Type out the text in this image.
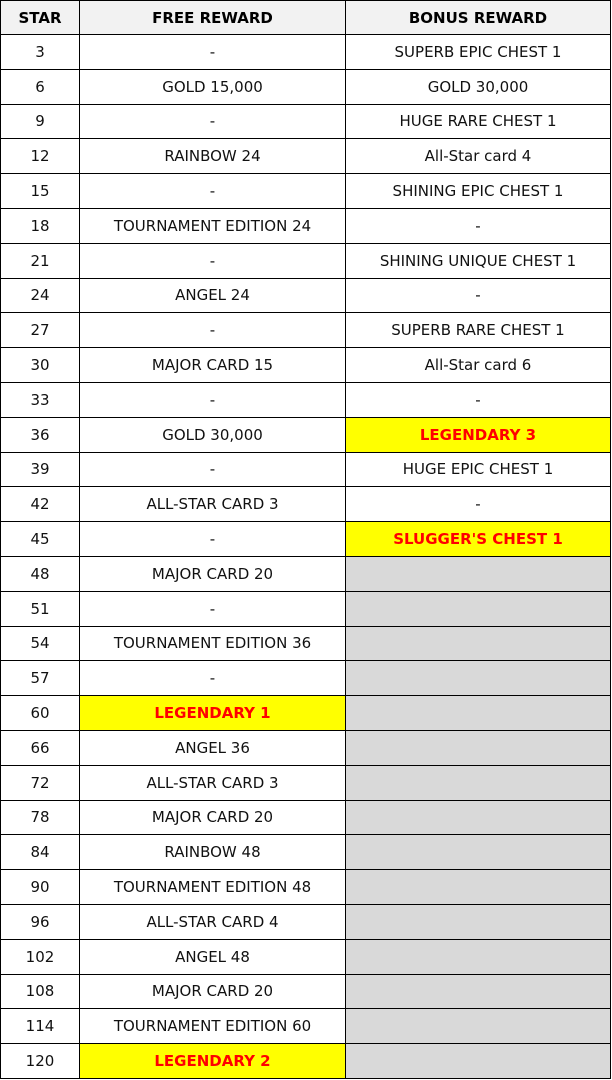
STAR	FREE REWARD	BONUS REWARD
3	-	SUPERB EPIC CHEST 1
6	GOLD 15,000	GOLD 30,000
9	-	HUGE RARE CHEST 1
12	RAINBOW 24	All-Star card 4
15	-	SHINING EPIC CHEST 1
18	TOURNAMENT EDITION 24	-
21	-	SHINING UNIQUE CHEST 1
24	ANGEL 24	-
27	-	SUPERB RARE CHEST 1
30	MAJOR CARD 15	All-Star card 6
33	-	-
36	GOLD 30,000	LEGENDARY 3
39	-	HUGE EPIC CHEST 1
42	ALL-STAR CARD 3	-
45	-	SLUGGER'S CHEST 1
48	MAJOR CARD 20	
51	-	
54	TOURNAMENT EDITION 36	
57	-	
60	LEGENDARY 1	
66	ANGEL 36	
72	ALL-STAR CARD 3	
78	MAJOR CARD 20	
84	RAINBOW 48	
90	TOURNAMENT EDITION 48	
96	ALL-STAR CARD 4	
102	ANGEL 48	
108	MAJOR CARD 20	
114	TOURNAMENT EDITION 60	
120	LEGENDARY 2	
